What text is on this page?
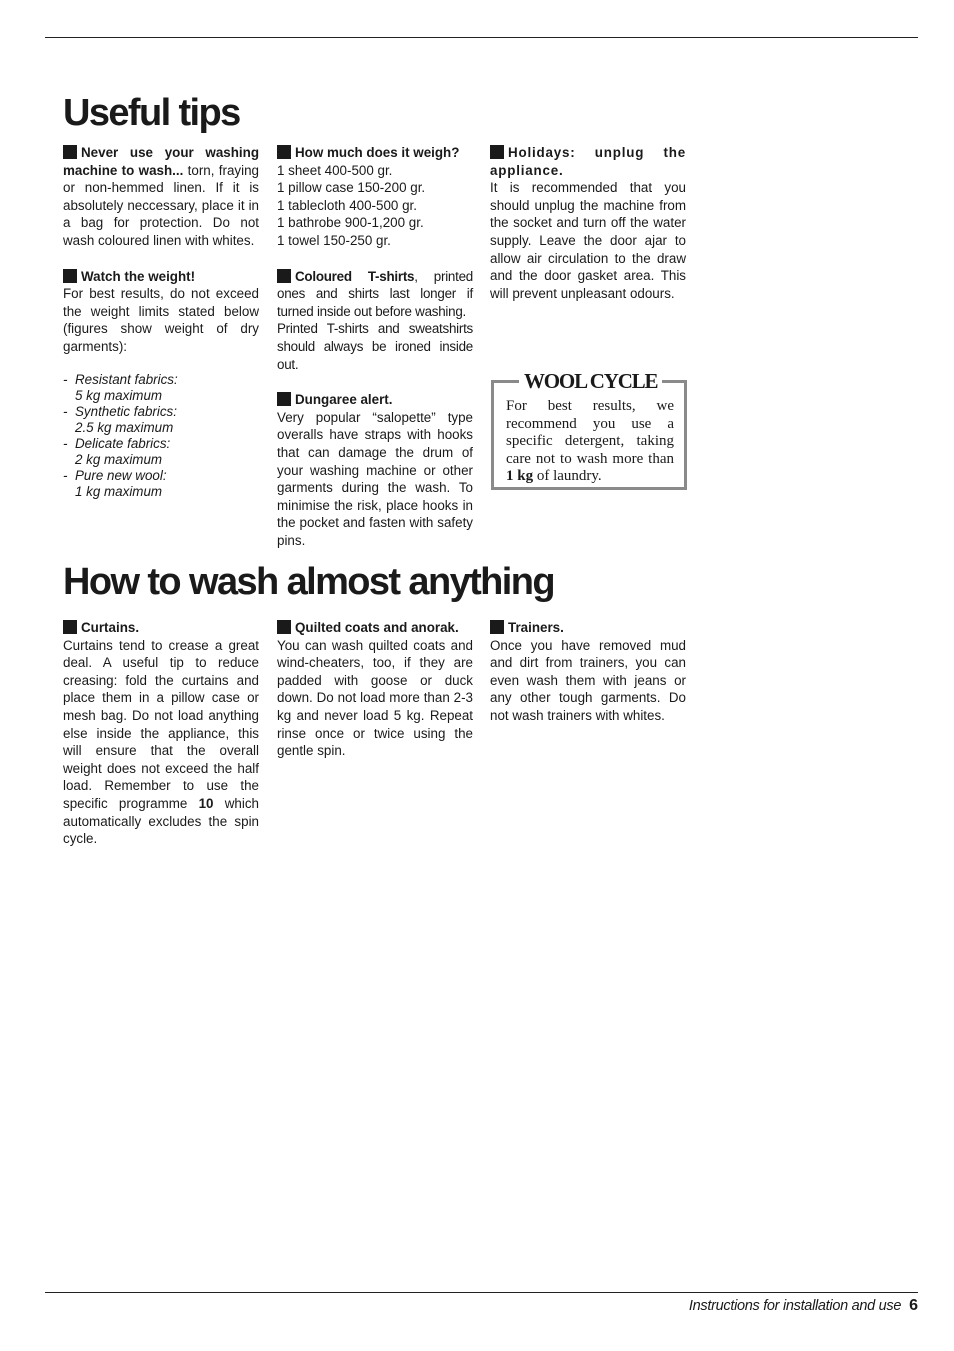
Useful tips

Never use your washing machine to wash... torn, fraying or non-hemmed linen. If it is absolutely neccessary, place it in a bag for protection. Do not wash coloured linen with whites.

Watch the weight!
For best results, do not exceed the weight limits stated below (figures show weight of dry garments):

- Resistant fabrics:
5 kg maximum
- Synthetic fabrics:
2.5 kg maximum
- Delicate fabrics:
2 kg maximum
- Pure new wool:
1 kg maximum
How much does it weigh?
1 sheet 400-500 gr.
1 pillow case 150-200 gr.
1 tablecloth 400-500 gr.
1 bathrobe 900-1,200 gr.
1 towel 150-250 gr.

Coloured T-shirts, printed ones and shirts last longer if turned inside out before washing.

Printed T-shirts and sweatshirts should always be ironed inside out.

Dungaree alert.
Very popular “salopette” type overalls have straps with hooks that can damage the drum of your washing machine or other garments during the wash. To minimise the risk, place hooks in the pocket and fasten with safety pins.

Holidays: unplug the appliance.
It is recommended that you should unplug the machine from the socket and turn off the water supply. Leave the door ajar to allow air circulation to the draw and the door gasket area. This will prevent unpleasant odours.

WOOL CYCLE
For best results, we recommend you use a specific detergent, taking care not to wash more than 1 kg of laundry.
How to wash almost anything

Curtains.
Curtains tend to crease a great deal. A useful tip to reduce creasing: fold the curtains and place them in a pillow case or mesh bag. Do not load anything else inside the appliance, this will ensure that the overall weight does not exceed the half load. Remember to use the specific programme 10 which automatically excludes the spin cycle.

Quilted coats and anorak.
You can wash quilted coats and wind-cheaters, too, if they are padded with goose or duck down. Do not load more than 2-3 kg and never load 5 kg. Repeat rinse once or twice using the gentle spin.

Trainers.
Once you have removed mud and dirt from trainers, you can even wash them with jeans or any other tough garments. Do not wash trainers with whites.

Instructions for installation and use 6
